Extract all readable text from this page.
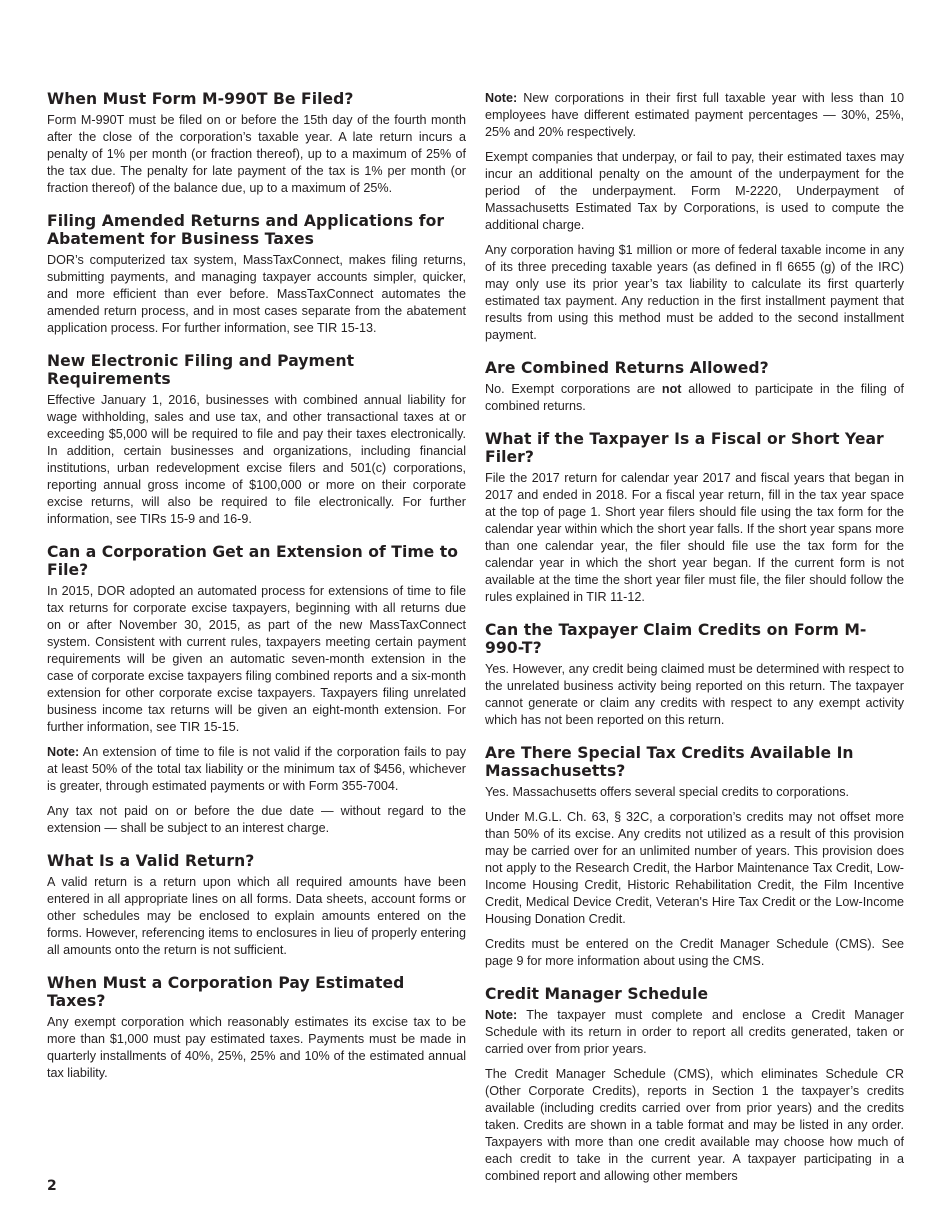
When Must Form M-990T Be Filed?

Form M-990T must be filed on or before the 15th day of the fourth month after the close of the corporation’s taxable year. A late return incurs a penalty of 1% per month (or fraction thereof), up to a maximum of 25% of the tax due. The penalty for late payment of the tax is 1% per month (or fraction thereof) of the balance due, up to a maximum of 25%.

Filing Amended Returns and Applications for Abatement for Business Taxes

DOR’s computerized tax system, MassTaxConnect, makes filing returns, submitting payments, and managing taxpayer accounts simpler, quicker, and more efficient than ever before. MassTaxConnect automates the amended return process, and in most cases separate from the abatement application process. For further information, see TIR 15-13.

New Electronic Filing and Payment Requirements

Effective January 1, 2016, businesses with combined annual liability for wage withholding, sales and use tax, and other transactional taxes at or exceeding $5,000 will be required to file and pay their taxes electronically. In addition, certain businesses and organizations, including financial institutions, urban redevelopment excise filers and 501(c) corporations, reporting annual gross income of $100,000 or more on their corporate excise returns, will also be required to file electronically. For further information, see TIRs 15-9 and 16-9.

Can a Corporation Get an Extension of Time to File?

In 2015, DOR adopted an automated process for extensions of time to file tax returns for corporate excise taxpayers, beginning with all returns due on or after November 30, 2015, as part of the new MassTaxConnect system. Consistent with current rules, taxpayers meeting certain payment requirements will be given an automatic seven-month extension in the case of corporate excise taxpayers filing combined reports and a six-month extension for other corporate excise taxpayers. Taxpayers filing unrelated business income tax returns will be given an eight-month extension. For further information, see TIR 15-15.

Note: An extension of time to file is not valid if the corporation fails to pay at least 50% of the total tax liability or the minimum tax of $456, whichever is greater, through estimated payments or with Form 355-7004.

Any tax not paid on or before the due date — without regard to the extension — shall be subject to an interest charge.

What Is a Valid Return?

A valid return is a return upon which all required amounts have been entered in all appropriate lines on all forms. Data sheets, account forms or other schedules may be enclosed to explain amounts entered on the forms. However, referencing items to enclosures in lieu of properly entering all amounts onto the return is not sufficient.

When Must a Corporation Pay Estimated Taxes?

Any exempt corporation which reasonably estimates its excise tax to be more than $1,000 must pay estimated taxes. Payments must be made in quarterly installments of 40%, 25%, 25% and 10% of the estimated annual tax liability.

Note: New corporations in their first full taxable year with less than 10 employees have different estimated payment percentages — 30%, 25%, 25% and 20% respectively.

Exempt companies that underpay, or fail to pay, their estimated taxes may incur an additional penalty on the amount of the underpayment for the period of the underpayment. Form M-2220, Underpayment of Massachusetts Estimated Tax by Corporations, is used to compute the additional charge.

Any corporation having $1 million or more of federal taxable income in any of its three preceding taxable years (as defined in fl 6655 (g) of the IRC) may only use its prior year’s tax liability to calculate its first quarterly estimated tax payment. Any reduction in the first installment payment that results from using this method must be added to the second installment payment.

Are Combined Returns Allowed?

No. Exempt corporations are not allowed to participate in the filing of combined returns.

What if the Taxpayer Is a Fiscal or Short Year Filer?

File the 2017 return for calendar year 2017 and fiscal years that began in 2017 and ended in 2018. For a fiscal year return, fill in the tax year space at the top of page 1. Short year filers should file using the tax form for the calendar year within which the short year falls. If the short year spans more than one calendar year, the filer should file use the tax form for the calendar year in which the short year began. If the current form is not available at the time the short year filer must file, the filer should follow the rules explained in TIR 11-12.

Can the Taxpayer Claim Credits on Form M-990-T?

Yes. However, any credit being claimed must be determined with respect to the unrelated business activity being reported on this return. The taxpayer cannot generate or claim any credits with respect to any exempt activity which has not been reported on this return.

Are There Special Tax Credits Available In Massachusetts?

Yes. Massachusetts offers several special credits to corporations.

Under M.G.L. Ch. 63, § 32C, a corporation’s credits may not offset more than 50% of its excise. Any credits not utilized as a result of this provision may be carried over for an unlimited number of years. This provision does not apply to the Research Credit, the Harbor Maintenance Tax Credit, Low-Income Housing Credit, Historic Rehabilitation Credit, the Film Incentive Credit, Medical Device Credit, Veteran's Hire Tax Credit or the Low-Income Housing Donation Credit.

Credits must be entered on the Credit Manager Schedule (CMS). See page 9 for more information about using the CMS.

Credit Manager Schedule

Note: The taxpayer must complete and enclose a Credit Manager Schedule with its return in order to report all credits generated, taken or carried over from prior years.

The Credit Manager Schedule (CMS), which eliminates Schedule CR (Other Corporate Credits), reports in Section 1 the taxpayer’s credits available (including credits carried over from prior years) and the credits taken. Credits are shown in a table format and may be listed in any order. Taxpayers with more than one credit available may choose how much of each credit to take in the current year. A taxpayer participating in a combined report and allowing other members

2
